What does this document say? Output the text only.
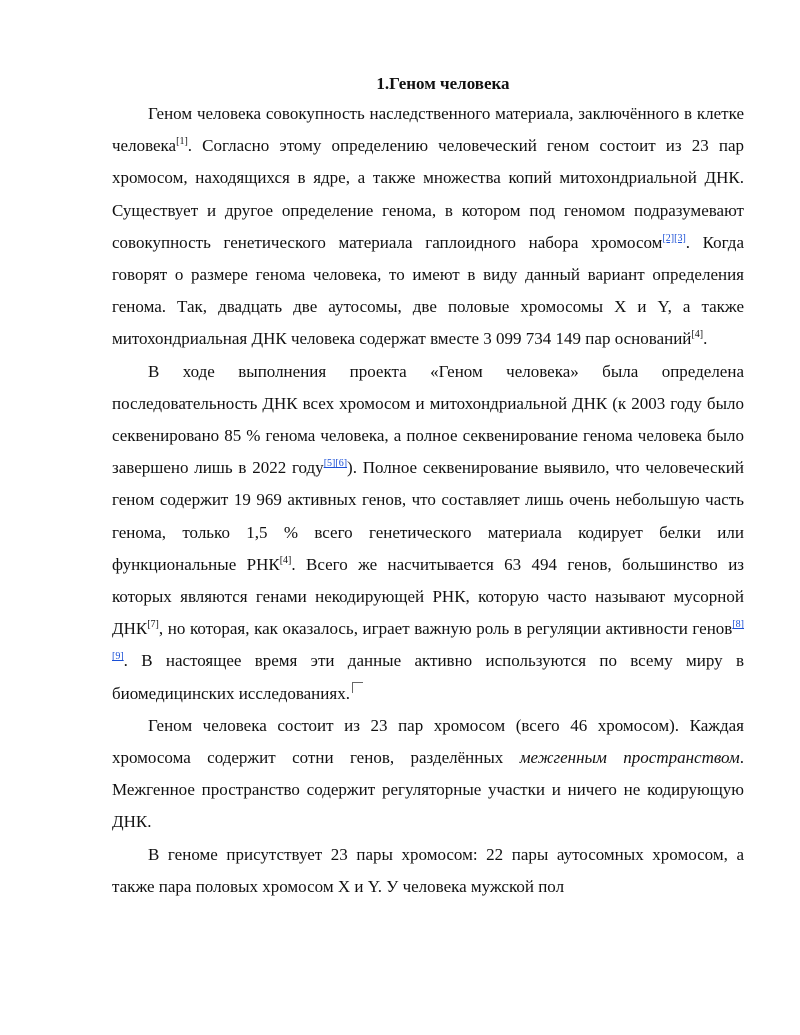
1.Геном человека

Геном человека совокупность наследственного материала, заключённого в клетке человека[1]. Согласно этому определению человеческий геном состоит из 23 пар хромосом, находящихся в ядре, а также множества копий митохондриальной ДНК. Существует и другое определение генома, в котором под геномом подразумевают совокупность генетического материала гаплоидного набора хромосом[2][3]. Когда говорят о размере генома человека, то имеют в виду данный вариант определения генома. Так, двадцать две аутосомы, две половые хромосомы X и Y, а также митохондриальная ДНК человека содержат вместе 3 099 734 149 пар оснований[4].

В ходе выполнения проекта «Геном человека» была определена последовательность ДНК всех хромосом и митохондриальной ДНК (к 2003 году было секвенировано 85 % генома человека, а полное секвенирование генома человека было завершено лишь в 2022 году[5][6]). Полное секвенирование выявило, что человеческий геном содержит 19 969 активных генов, что составляет лишь очень небольшую часть генома, только 1,5 % всего генетического материала кодирует белки или функциональные РНК[4]. Всего же насчитывается 63 494 генов, большинство из которых являются генами некодирующей РНК, которую часто называют мусорной ДНК[7], но которая, как оказалось, играет важную роль в регуляции активности генов[8][9]. В настоящее время эти данные активно используются по всему миру в биомедицинских исследованиях.

Геном человека состоит из 23 пар хромосом (всего 46 хромосом). Каждая хромосома содержит сотни генов, разделённых межгенным пространством. Межгенное пространство содержит регуляторные участки и ничего не кодирующую ДНК.

В геноме присутствует 23 пары хромосом: 22 пары аутосомных хромосом, а также пара половых хромосом X и Y. У человека мужской пол
